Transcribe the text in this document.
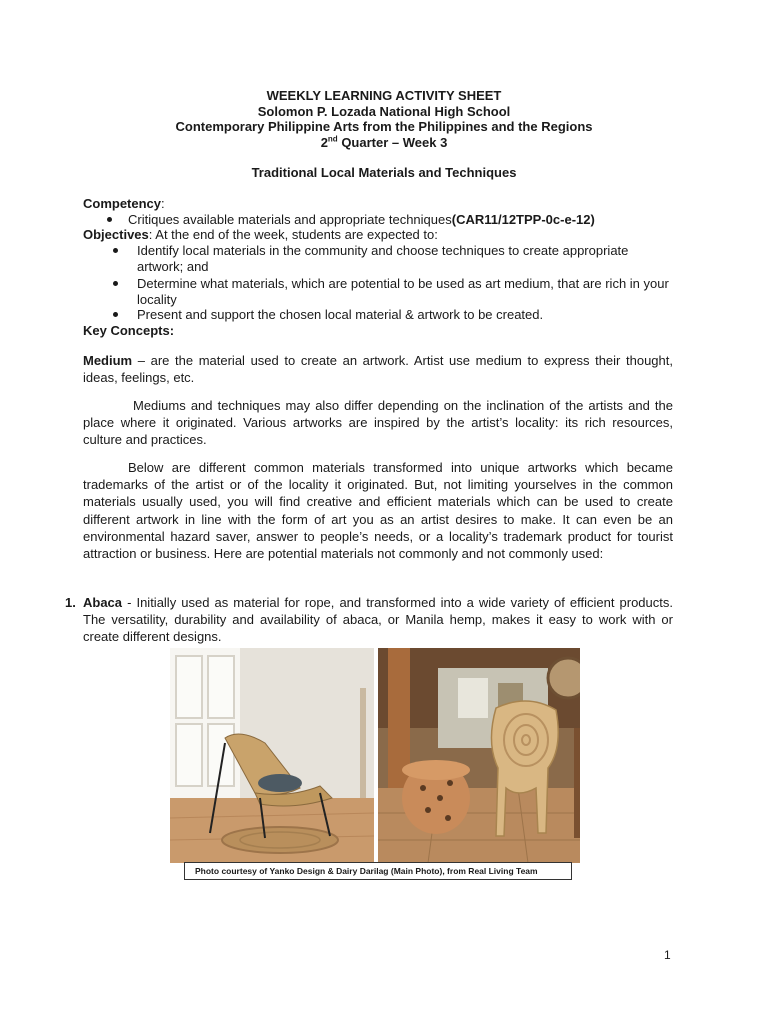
WEEKLY LEARNING ACTIVITY SHEET
Solomon P. Lozada National High School
Contemporary Philippine Arts from the Philippines and the Regions
2nd Quarter – Week 3
Traditional Local Materials and Techniques
Competency:
Critiques available materials and appropriate techniques(CAR11/12TPP-0c-e-12)
Objectives: At the end of the week, students are expected to:
Identify local materials in the community and choose techniques to create appropriate artwork; and
Determine what materials, which are potential to be used as art medium, that are rich in your locality
Present and support the chosen local material & artwork to be created.
Key Concepts:
Medium – are the material used to create an artwork. Artist use medium to express their thought, ideas, feelings, etc.
Mediums and techniques may also differ depending on the inclination of the artists and the place where it originated. Various artworks are inspired by the artist’s locality: its rich resources, culture and practices.
Below are different common materials transformed into unique artworks which became trademarks of the artist or of the locality it originated. But, not limiting yourselves in the common materials usually used, you will find creative and efficient materials which can be used to create different artwork in line with the form of art you as an artist desires to make. It can even be an environmental hazard saver, answer to people’s needs, or a locality’s trademark product for tourist attraction or business. Here are potential materials not commonly and not commonly used:
1. Abaca - Initially used as material for rope, and transformed into a wide variety of efficient products. The versatility, durability and availability of abaca, or Manila hemp, makes it easy to work with or create different designs.
Photo courtesy of Yanko Design & Dairy Darilag (Main Photo), from Real Living Team
1
